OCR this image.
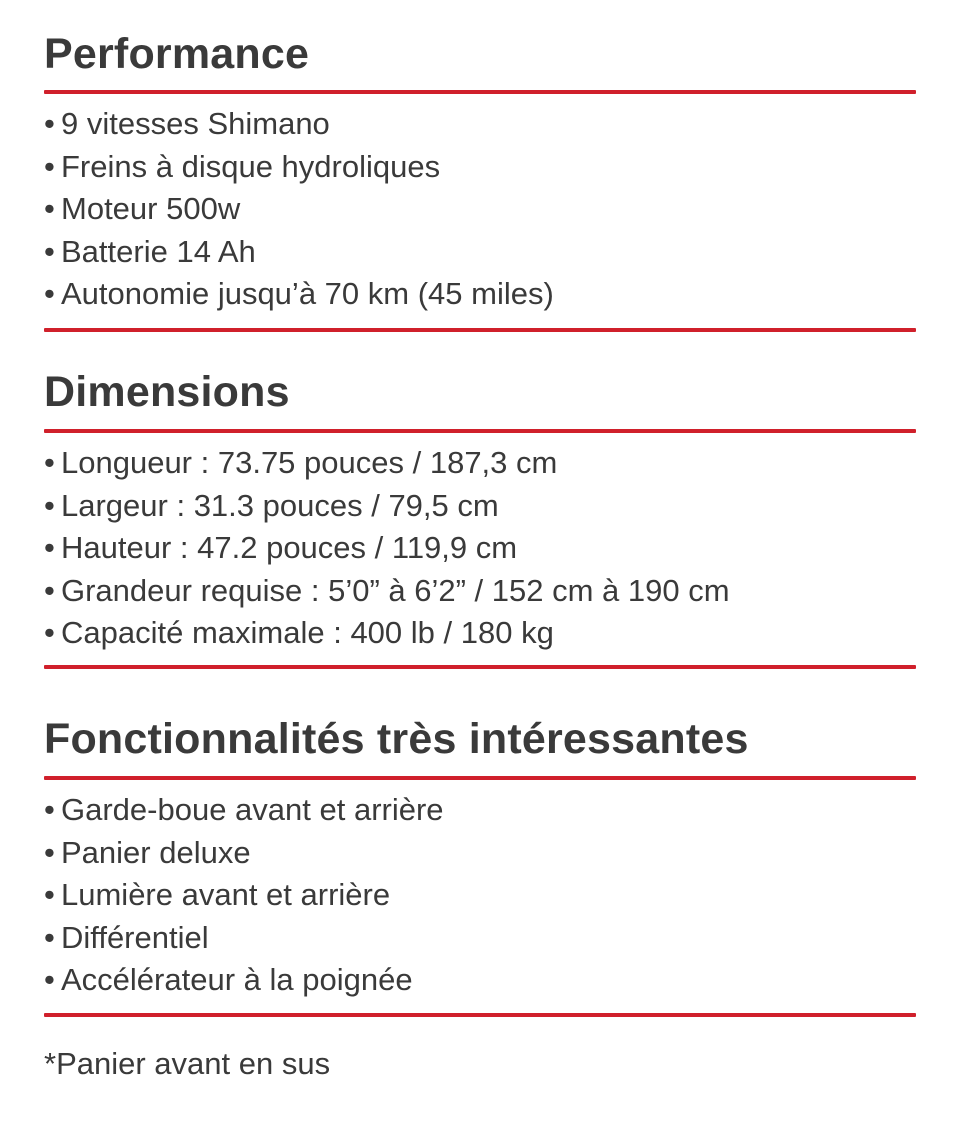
Performance
• 9 vitesses Shimano
• Freins à disque hydroliques
• Moteur 500w
• Batterie 14 Ah
• Autonomie jusqu’à 70 km (45 miles)
Dimensions
• Longueur : 73.75 pouces / 187,3 cm
• Largeur : 31.3 pouces / 79,5 cm
• Hauteur : 47.2 pouces / 119,9 cm
• Grandeur requise : 5’0” à 6’2” / 152 cm à 190 cm
• Capacité maximale : 400 lb / 180 kg
Fonctionnalités très intéressantes
• Garde-boue avant et arrière
• Panier deluxe
• Lumière avant et arrière
• Différentiel
• Accélérateur à la poignée
*Panier avant en sus
